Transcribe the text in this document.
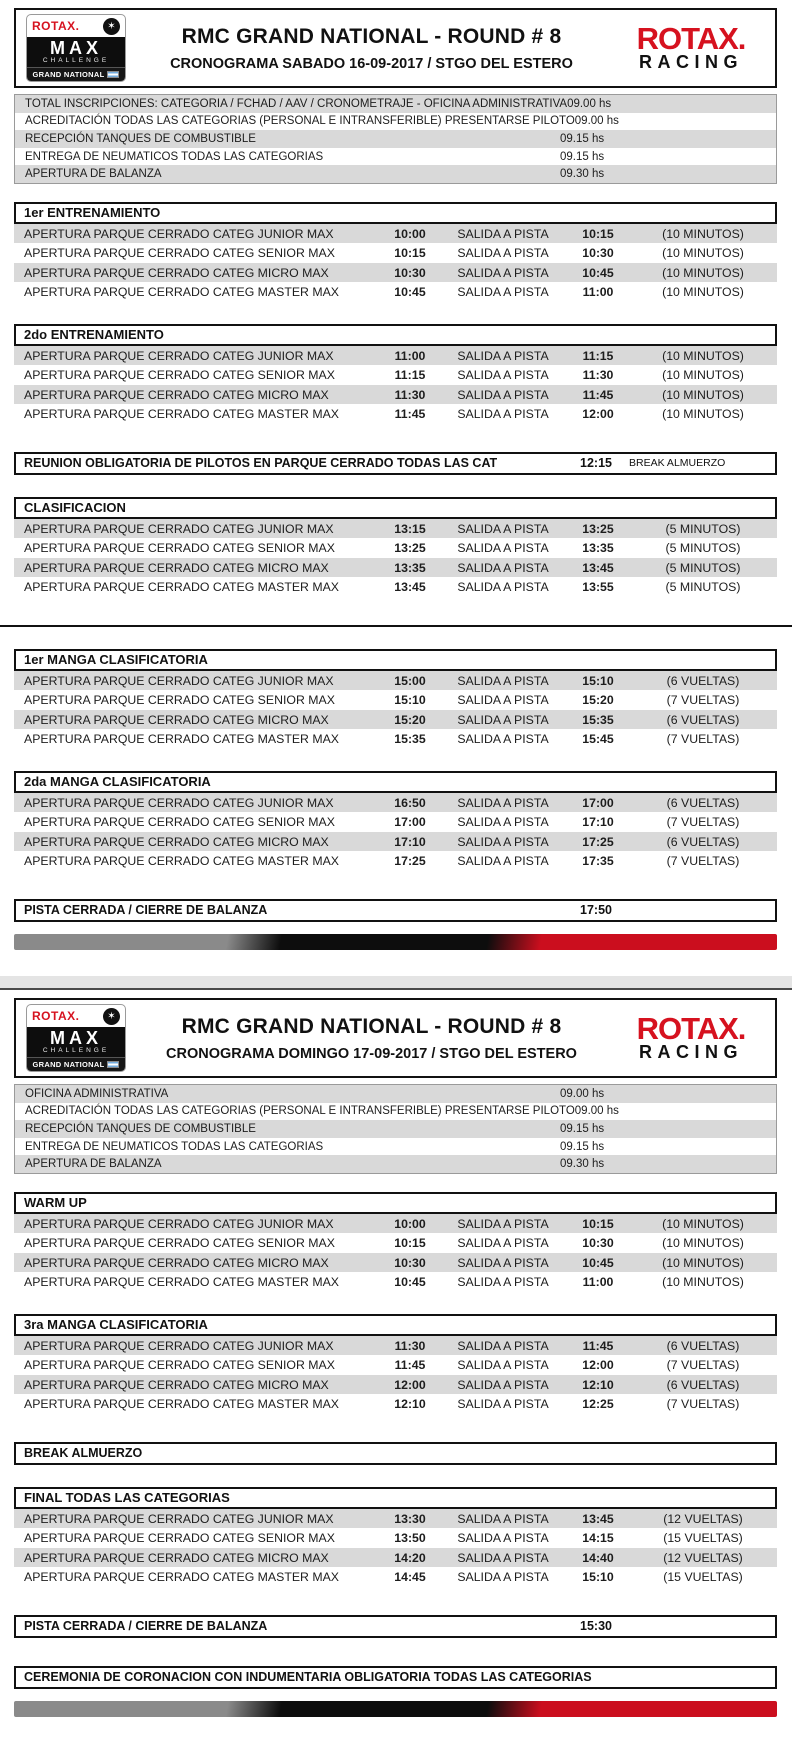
ROTAX.	✶
MAX
CHALLENGE
GRAND NATIONAL
RMC GRAND NATIONAL - ROUND # 8
CRONOGRAMA SABADO 16-09-2017 / STGO DEL ESTERO
ROTAX.
RACING
TOTAL INSCRIPCIONES: CATEGORIA / FCHAD / AAV / CRONOMETRAJE - OFICINA ADMINISTRATIVA 09.00 hs
ACREDITACIÓN TODAS LAS CATEGORIAS (PERSONAL E INTRANSFERIBLE) PRESENTARSE PILOTO 09.00 hs
RECEPCIÓN TANQUES DE COMBUSTIBLE	09.15 hs
ENTREGA DE NEUMATICOS TODAS LAS CATEGORIAS	09.15 hs
APERTURA DE BALANZA	09.30 hs
1er ENTRENAMIENTO
APERTURA PARQUE CERRADO CATEG JUNIOR MAX	10:00	SALIDA A PISTA	10:15	(10 MINUTOS)
APERTURA PARQUE CERRADO CATEG SENIOR MAX	10:15	SALIDA A PISTA	10:30	(10 MINUTOS)
APERTURA PARQUE CERRADO CATEG MICRO MAX	10:30	SALIDA A PISTA	10:45	(10 MINUTOS)
APERTURA PARQUE CERRADO CATEG MASTER MAX	10:45	SALIDA A PISTA	11:00	(10 MINUTOS)
2do ENTRENAMIENTO
APERTURA PARQUE CERRADO CATEG JUNIOR MAX	11:00	SALIDA A PISTA	11:15	(10 MINUTOS)
APERTURA PARQUE CERRADO CATEG SENIOR MAX	11:15	SALIDA A PISTA	11:30	(10 MINUTOS)
APERTURA PARQUE CERRADO CATEG MICRO MAX	11:30	SALIDA A PISTA	11:45	(10 MINUTOS)
APERTURA PARQUE CERRADO CATEG MASTER MAX	11:45	SALIDA A PISTA	12:00	(10 MINUTOS)
REUNION OBLIGATORIA DE PILOTOS EN PARQUE CERRADO TODAS LAS CAT	12:15	BREAK ALMUERZO
CLASIFICACION
APERTURA PARQUE CERRADO CATEG JUNIOR MAX	13:15	SALIDA A PISTA	13:25	(5 MINUTOS)
APERTURA PARQUE CERRADO CATEG SENIOR MAX	13:25	SALIDA A PISTA	13:35	(5 MINUTOS)
APERTURA PARQUE CERRADO CATEG MICRO MAX	13:35	SALIDA A PISTA	13:45	(5 MINUTOS)
APERTURA PARQUE CERRADO CATEG MASTER MAX	13:45	SALIDA A PISTA	13:55	(5 MINUTOS)
1er MANGA CLASIFICATORIA
APERTURA PARQUE CERRADO CATEG JUNIOR MAX	15:00	SALIDA A PISTA	15:10	(6 VUELTAS)
APERTURA PARQUE CERRADO CATEG SENIOR MAX	15:10	SALIDA A PISTA	15:20	(7 VUELTAS)
APERTURA PARQUE CERRADO CATEG MICRO MAX	15:20	SALIDA A PISTA	15:35	(6 VUELTAS)
APERTURA PARQUE CERRADO CATEG MASTER MAX	15:35	SALIDA A PISTA	15:45	(7 VUELTAS)
2da MANGA CLASIFICATORIA
APERTURA PARQUE CERRADO CATEG JUNIOR MAX	16:50	SALIDA A PISTA	17:00	(6 VUELTAS)
APERTURA PARQUE CERRADO CATEG SENIOR MAX	17:00	SALIDA A PISTA	17:10	(7 VUELTAS)
APERTURA PARQUE CERRADO CATEG MICRO MAX	17:10	SALIDA A PISTA	17:25	(6 VUELTAS)
APERTURA PARQUE CERRADO CATEG MASTER MAX	17:25	SALIDA A PISTA	17:35	(7 VUELTAS)
PISTA CERRADA / CIERRE DE BALANZA	17:50
ROTAX.	✶
MAX
CHALLENGE
GRAND NATIONAL
RMC GRAND NATIONAL - ROUND # 8
CRONOGRAMA DOMINGO 17-09-2017 / STGO DEL ESTERO
ROTAX.
RACING
OFICINA ADMINISTRATIVA	09.00 hs
ACREDITACIÓN TODAS LAS CATEGORIAS (PERSONAL E INTRANSFERIBLE) PRESENTARSE PILOTO 09.00 hs
RECEPCIÓN TANQUES DE COMBUSTIBLE	09.15 hs
ENTREGA DE NEUMATICOS TODAS LAS CATEGORIAS	09.15 hs
APERTURA DE BALANZA	09.30 hs
WARM UP
APERTURA PARQUE CERRADO CATEG JUNIOR MAX	10:00	SALIDA A PISTA	10:15	(10 MINUTOS)
APERTURA PARQUE CERRADO CATEG SENIOR MAX	10:15	SALIDA A PISTA	10:30	(10 MINUTOS)
APERTURA PARQUE CERRADO CATEG MICRO MAX	10:30	SALIDA A PISTA	10:45	(10 MINUTOS)
APERTURA PARQUE CERRADO CATEG MASTER MAX	10:45	SALIDA A PISTA	11:00	(10 MINUTOS)
3ra MANGA CLASIFICATORIA
APERTURA PARQUE CERRADO CATEG JUNIOR MAX	11:30	SALIDA A PISTA	11:45	(6 VUELTAS)
APERTURA PARQUE CERRADO CATEG SENIOR MAX	11:45	SALIDA A PISTA	12:00	(7 VUELTAS)
APERTURA PARQUE CERRADO CATEG MICRO MAX	12:00	SALIDA A PISTA	12:10	(6 VUELTAS)
APERTURA PARQUE CERRADO CATEG MASTER MAX	12:10	SALIDA A PISTA	12:25	(7 VUELTAS)
BREAK ALMUERZO
FINAL TODAS LAS CATEGORIAS
APERTURA PARQUE CERRADO CATEG JUNIOR MAX	13:30	SALIDA A PISTA	13:45	(12 VUELTAS)
APERTURA PARQUE CERRADO CATEG SENIOR MAX	13:50	SALIDA A PISTA	14:15	(15 VUELTAS)
APERTURA PARQUE CERRADO CATEG MICRO MAX	14:20	SALIDA A PISTA	14:40	(12 VUELTAS)
APERTURA PARQUE CERRADO CATEG MASTER MAX	14:45	SALIDA A PISTA	15:10	(15 VUELTAS)
PISTA CERRADA / CIERRE DE BALANZA	15:30
CEREMONIA DE CORONACION CON INDUMENTARIA OBLIGATORIA TODAS LAS CATEGORIAS
